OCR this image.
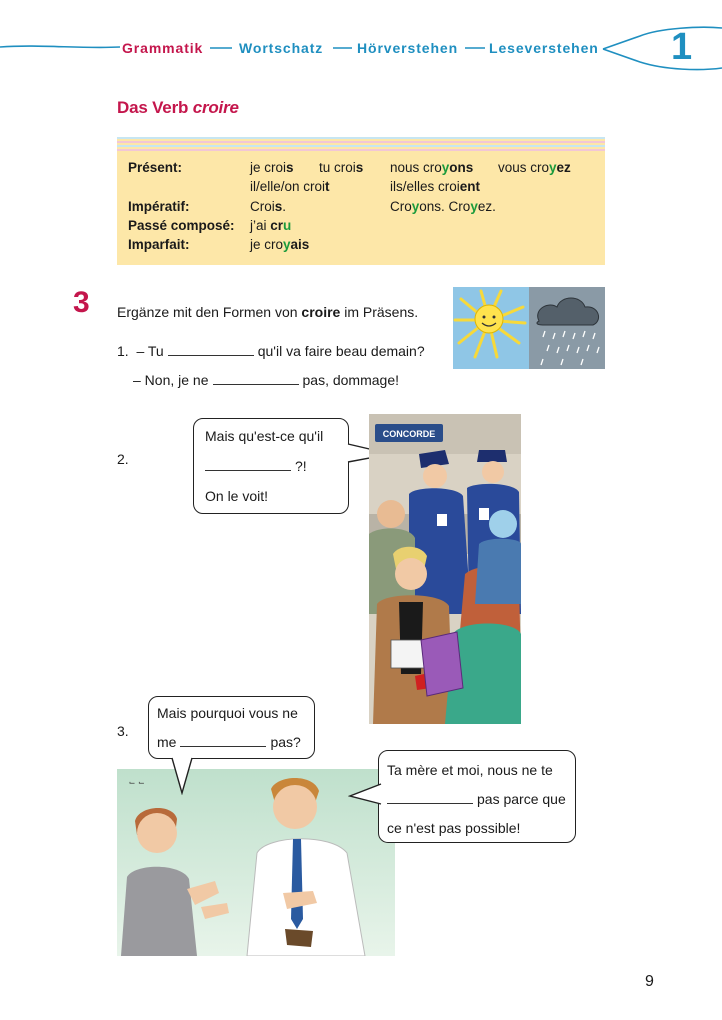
Grammatik	Wortschatz Hörverstehen Leseverstehen 1
Das Verb croire
Présent:	je crois tu crois nous croyons vous croyez
il/elle/on croit	ils/elles croient
Impératif:	Crois.	Croyons. Croyez.
Passé composé: j’ai cru
Imparfait:	je croyais
3 Ergänze mit den Formen von croire im Präsens.
1. – Tu	qu'il va faire beau demain?
– Non, je ne	pas, dommage!
2.
Mais qu'est-ce qu'il
?!
On le voit!
CONCORDE
3.
՟ ՟
Mais pourquoi vous ne
me	pas?
Ta mère et moi, nous ne te
pas parce que
ce n'est pas possible!
9
